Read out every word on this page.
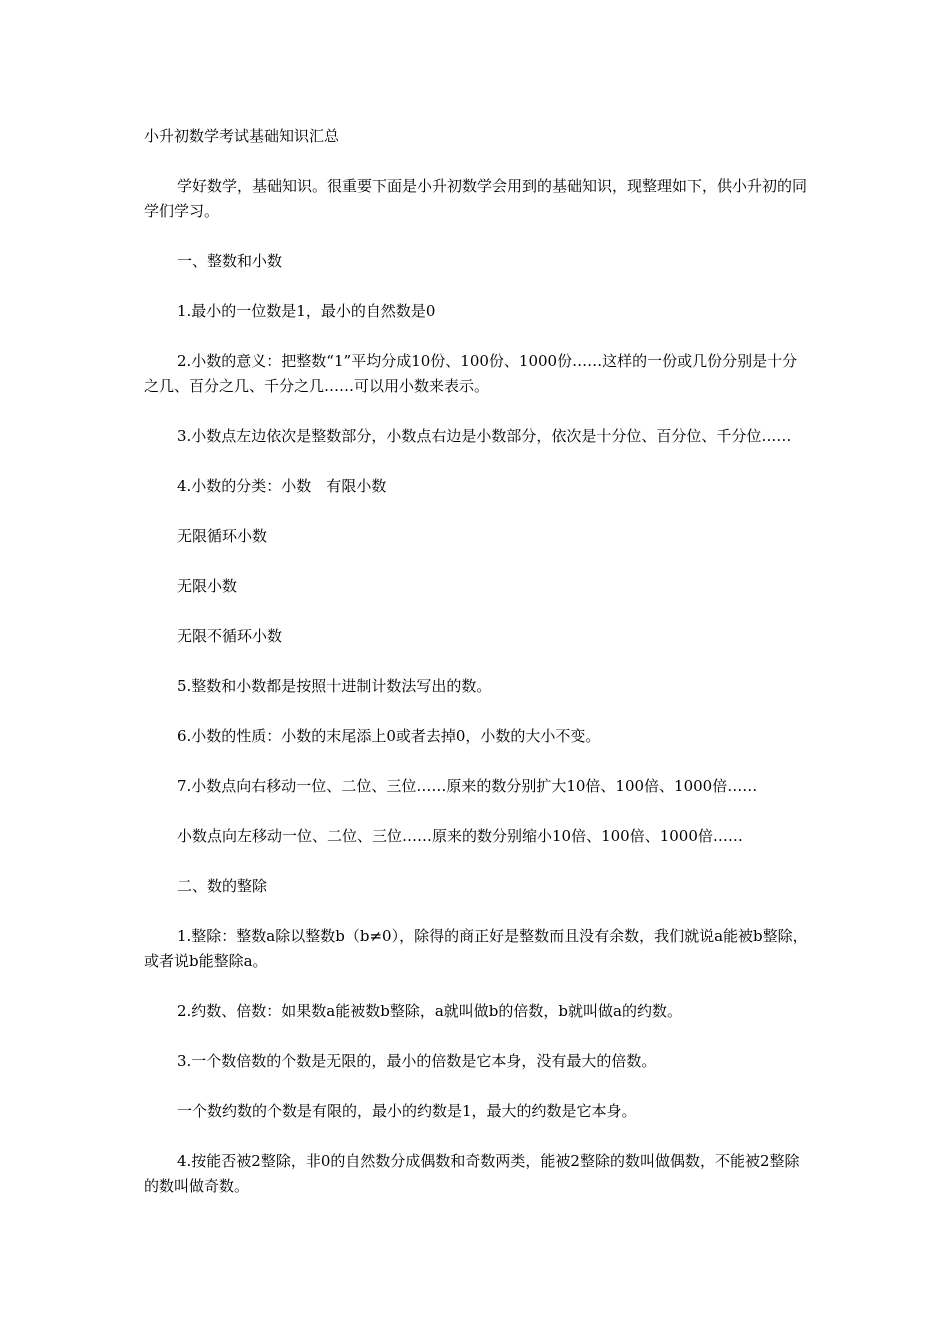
小升初数学考试基础知识汇总

学好数学，基础知识。很重要下面是小升初数学会用到的基础知识，现整理如下，供小升初的同学们学习。

一、整数和小数

1.最小的一位数是1，最小的自然数是0

2.小数的意义：把整数“1”平均分成10份、100份、1000份……这样的一份或几份分别是十分之几、百分之几、千分之几……可以用小数来表示。

3.小数点左边依次是整数部分，小数点右边是小数部分，依次是十分位、百分位、千分位……

4.小数的分类：小数　有限小数

无限循环小数

无限小数

无限不循环小数

5.整数和小数都是按照十进制计数法写出的数。

6.小数的性质：小数的末尾添上0或者去掉0，小数的大小不变。

7.小数点向右移动一位、二位、三位……原来的数分别扩大10倍、100倍、1000倍……

小数点向左移动一位、二位、三位……原来的数分别缩小10倍、100倍、1000倍……

二、数的整除

1.整除：整数a除以整数b（b≠0），除得的商正好是整数而且没有余数，我们就说a能被b整除，或者说b能整除a。

2.约数、倍数：如果数a能被数b整除，a就叫做b的倍数，b就叫做a的约数。

3.一个数倍数的个数是无限的，最小的倍数是它本身，没有最大的倍数。

一个数约数的个数是有限的，最小的约数是1，最大的约数是它本身。

4.按能否被2整除，非0的自然数分成偶数和奇数两类，能被2整除的数叫做偶数，不能被2整除的数叫做奇数。
